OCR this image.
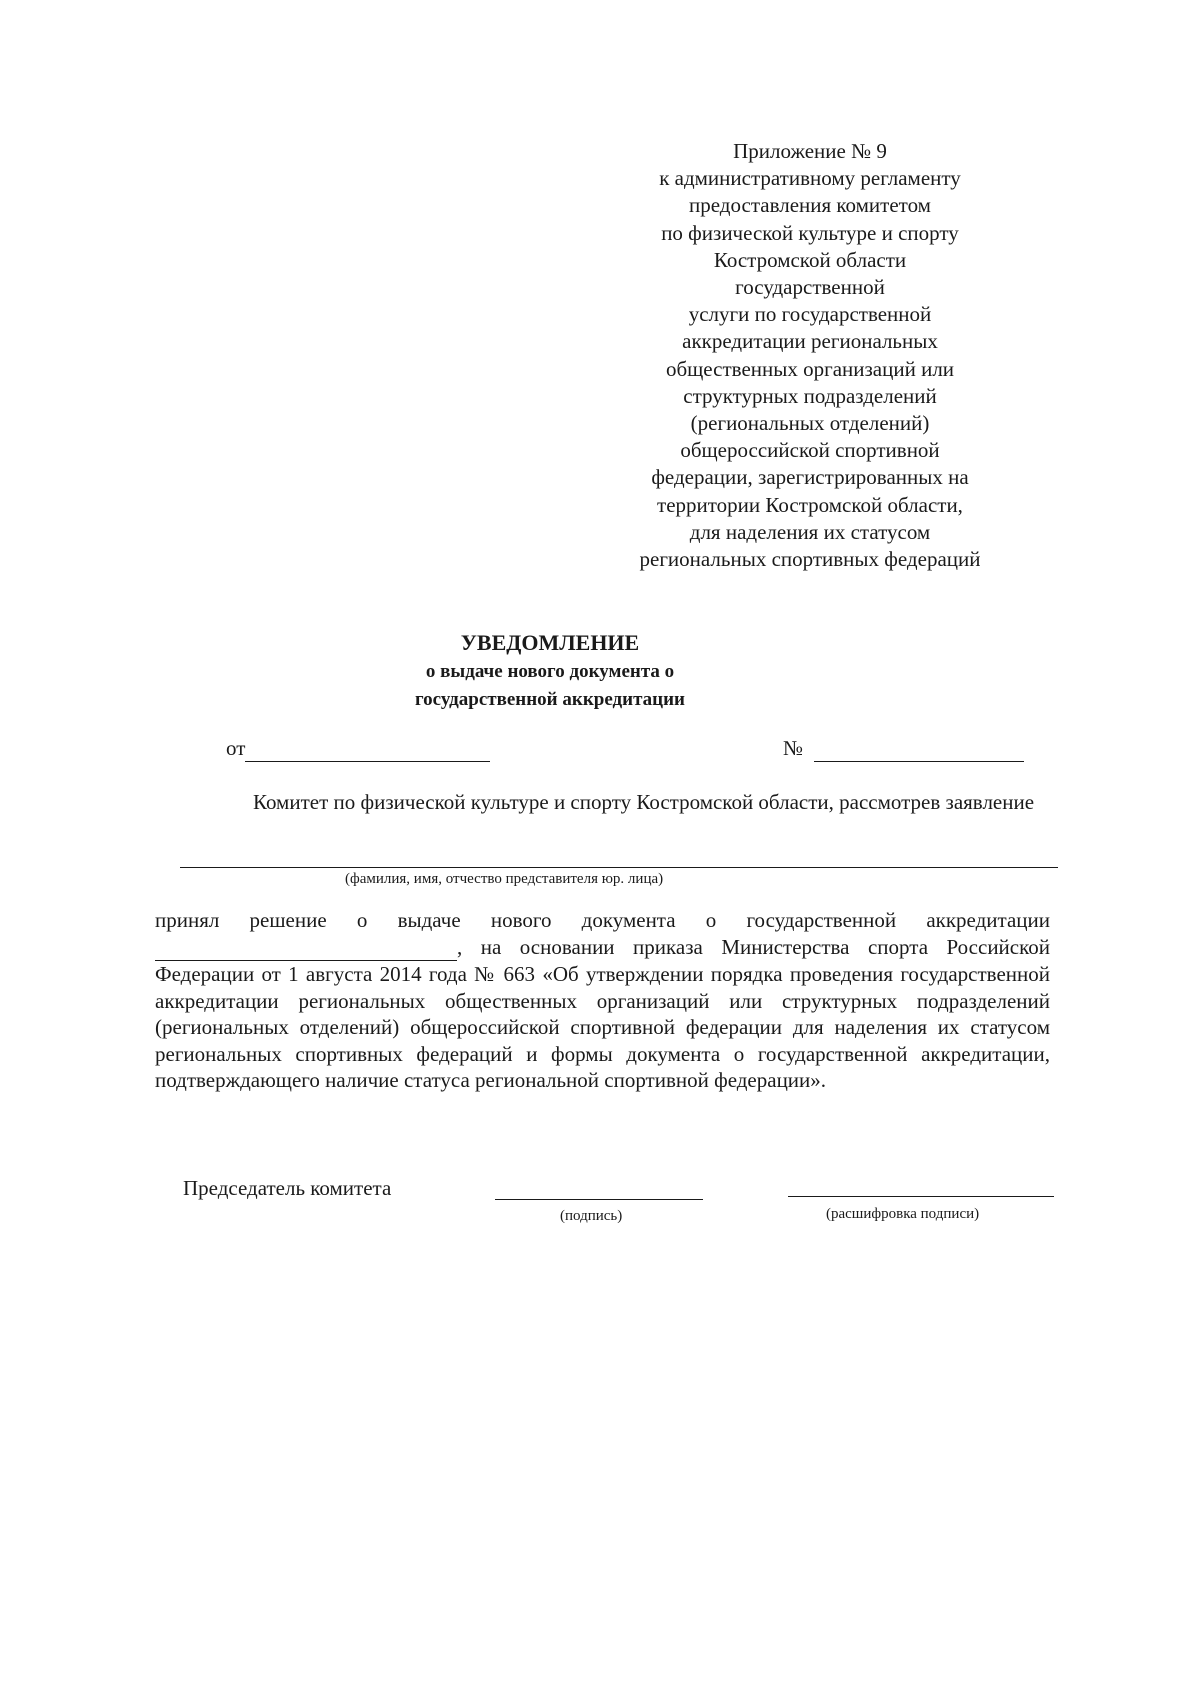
Приложение № 9
к административному регламенту
предоставления комитетом
по физической культуре и спорту
Костромской области
государственной
услуги по государственной
аккредитации региональных
общественных организаций или
структурных подразделений
(региональных отделений)
общероссийской спортивной
федерации, зарегистрированных на
территории Костромской области,
для наделения их статусом
региональных спортивных федераций
УВЕДОМЛЕНИЕ
о выдаче нового документа о
государственной аккредитации
от	№
Комитет по физической культуре и спорту Костромской области, рассмотрев заявление
(фамилия, имя, отчество представителя юр. лица)
принял решение о выдаче нового документа о государственной аккредитации  , на основании приказа Министерства спорта Российской Федерации от 1 августа 2014 года № 663 «Об утверждении порядка проведения государственной аккредитации региональных общественных организаций или структурных подразделений (региональных отделений) общероссийской спортивной федерации для наделения их статусом региональных спортивных федераций и формы документа о государственной аккредитации, подтверждающего наличие статуса региональной спортивной федерации».
Председатель комитета
(подпись)	(расшифровка подписи)
